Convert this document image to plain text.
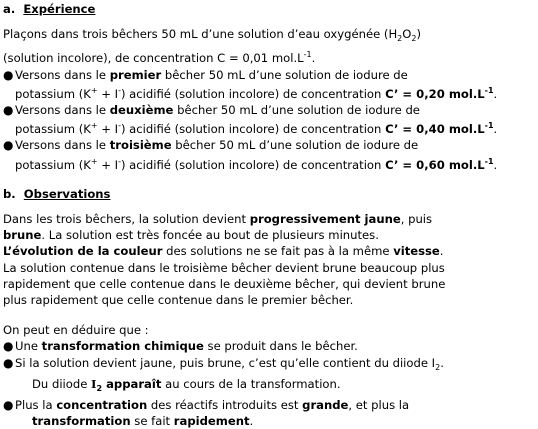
a. Expérience

Plaçons dans trois bêchers 50 mL d’une solution d’eau oxygénée $(H_2O_2)$
(solution incolore), de concentration C = 0,01 $mol.L^{-1}$.

● Versons dans le premier bêcher 50 mL d’une solution de iodure de
potassium (K+ + I-) acidifié (solution incolore) de concentration C’ = 0,20 $mol.L^{-1}$.
● Versons dans le deuxième bêcher 50 mL d’une solution de iodure de
potassium (K+ + I-) acidifié (solution incolore) de concentration C’ = 0,40 $mol.L^{-1}$.
● Versons dans le troisième bêcher 50 mL d’une solution de iodure de
potassium (K+ + I-) acidifié (solution incolore) de concentration C’ = 0,60 $mol.L^{-1}$.
b. Observations

Dans les trois bêchers, la solution devient progressivement jaune, puis
brune. La solution est très foncée au bout de plusieurs minutes.
L’évolution de la couleur des solutions ne se fait pas à la même vitesse.
La solution contenue dans le troisième bêcher devient brune beaucoup plus
rapidement que celle contenue dans le deuxième bêcher, qui devient brune
plus rapidement que celle contenue dans le premier bêcher.

On peut en déduire que :

● Une transformation chimique se produit dans le bêcher.
● Si la solution devient jaune, puis brune, c’est qu’elle contient du diiode $I_2$.
Du diiode $I_2$ apparaît au cours de la transformation.
● Plus la concentration des réactifs introduits est grande, et plus la
transformation se fait rapidement.
